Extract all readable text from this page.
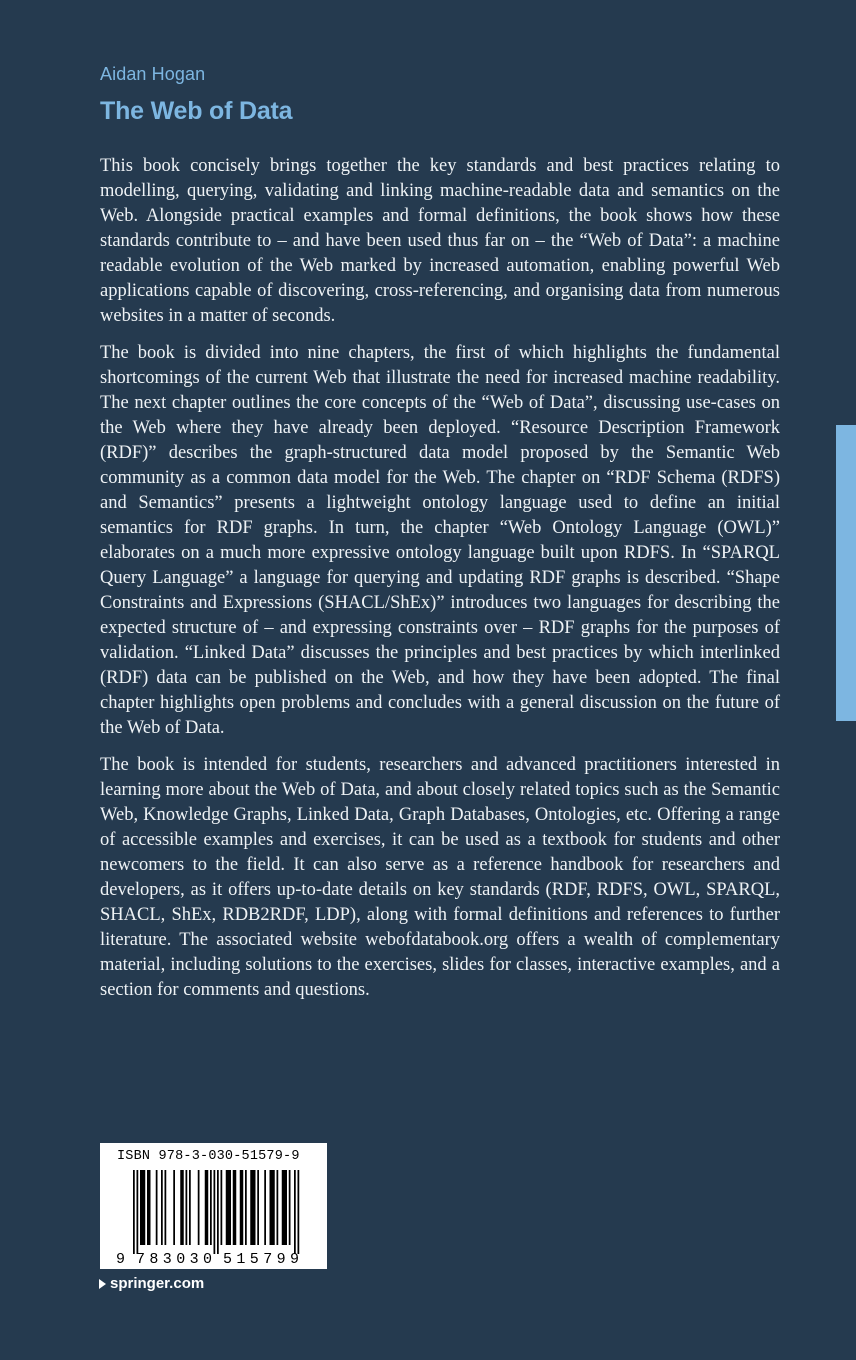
Aidan Hogan
The Web of Data

This book concisely brings together the key standards and best practices relating to modelling, querying, validating and linking machine-readable data and semantics on the Web. Alongside practical examples and formal definitions, the book shows how these standards contribute to – and have been used thus far on – the “Web of Data”: a machine readable evolution of the Web marked by increased automation, enabling powerful Web applications capable of discovering, cross-referencing, and organising data from numerous websites in a matter of seconds.

The book is divided into nine chapters, the first of which highlights the fundamental shortcomings of the current Web that illustrate the need for increased machine readability. The next chapter outlines the core concepts of the “Web of Data”, discussing use-cases on the Web where they have already been deployed. “Resource Description Framework (RDF)” describes the graph-structured data model proposed by the Semantic Web community as a common data model for the Web. The chapter on “RDF Schema (RDFS) and Semantics” presents a lightweight ontology language used to define an initial semantics for RDF graphs. In turn, the chapter “Web Ontology Language (OWL)” elaborates on a much more expressive ontology language built upon RDFS. In “SPARQL Query Language” a language for querying and updating RDF graphs is described. “Shape Constraints and Expressions (SHACL/ShEx)” introduces two languages for describing the expected structure of – and expressing constraints over – RDF graphs for the purposes of validation. “Linked Data” discusses the principles and best practices by which interlinked (RDF) data can be published on the Web, and how they have been adopted. The final chapter highlights open problems and concludes with a general discussion on the future of the Web of Data.

The book is intended for students, researchers and advanced practitioners interested in learning more about the Web of Data, and about closely related topics such as the Semantic Web, Knowledge Graphs, Linked Data, Graph Databases, Ontologies, etc. Offering a range of accessible examples and exercises, it can be used as a textbook for students and other newcomers to the field. It can also serve as a reference handbook for researchers and developers, as it offers up-to-date details on key standards (RDF, RDFS, OWL, SPARQL, SHACL, ShEx, RDB2RDF, LDP), along with formal definitions and references to further literature. The associated website webofdatabook.org offers a wealth of complementary material, including solutions to the exercises, slides for classes, interactive examples, and a section for comments and questions.

9 783030 515799
ISBN 978-3-030-51579-9
springer.com
